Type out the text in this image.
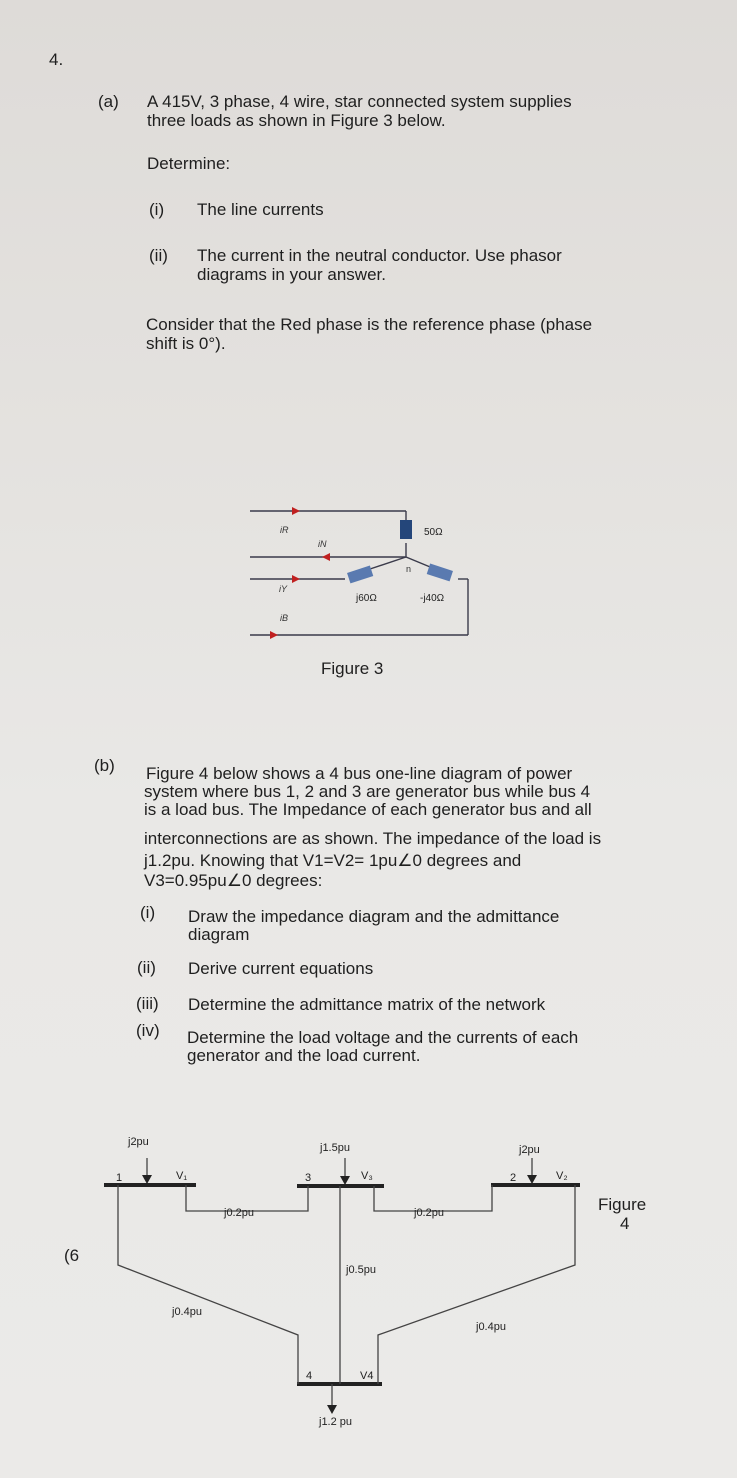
4.
(a) A 415V, 3 phase, 4 wire, star connected system supplies
three loads as shown in Figure 3 below.
Determine:
(i) The line currents
(ii) The current in the neutral conductor. Use phasor
diagrams in your answer.
Consider that the Red phase is the reference phase (phase
shift is 0°).
iR
iN
iY
iB
n
50Ω
j60Ω	-j40Ω
Figure 3
(b) Figure 4 below shows a 4 bus one-line diagram of power
system where bus 1, 2 and 3 are generator bus while bus 4
is a load bus. The Impedance of each generator bus and all
interconnections are as shown. The impedance of the load is
j1.2pu. Knowing that V1=V2= 1pu∠0 degrees and
V3=0.95pu∠0 degrees:
(i) Draw the impedance diagram and the admittance
diagram
(ii) Derive current equations
(iii) Determine the admittance matrix of the network
(iv) Determine the load voltage and the currents of each
generator and the load current.
(6
Figure
4
j2pu
1	V₁
j1.5pu
3	V₃
j2pu
2	V₂
j0.2pu	j0.2pu
j0.5pu
j0.4pu
j0.4pu
4	V4
j1.2 pu
